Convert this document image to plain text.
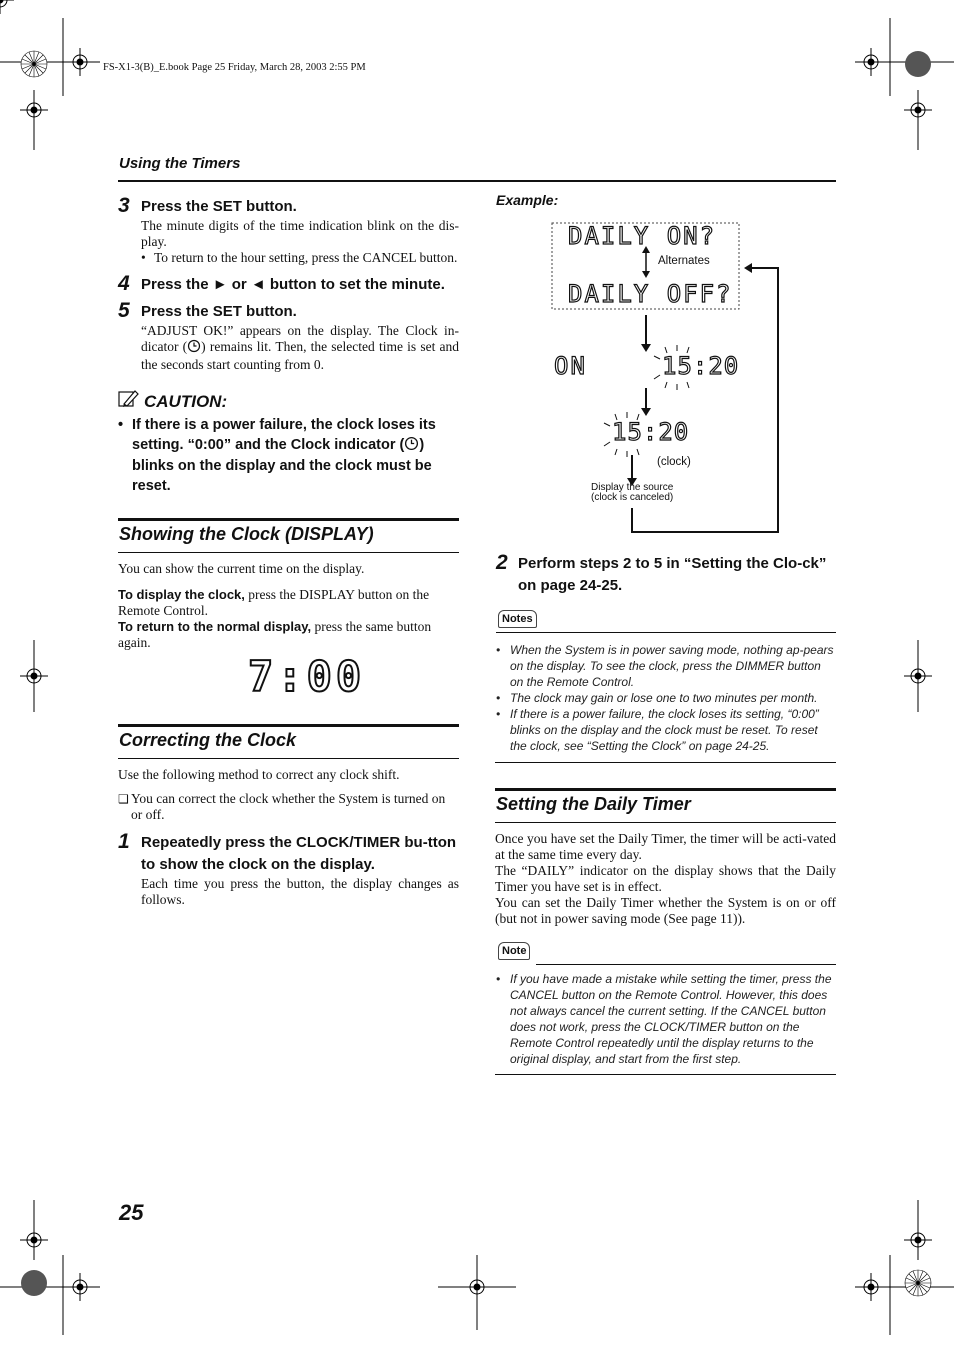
FS-X1-3(B)_E.book Page 25 Friday, March 28, 2003 2:55 PM
Using the Timers
3 Press the SET button.
The minute digits of the time indication blink on the dis-play.
• To return to the hour setting, press the CANCEL button.
4 Press the ► or ◄ button to set the minute.
5 Press the SET button.
“ADJUST OK!” appears on the display. The Clock in-dicator ( ) remains lit. Then, the selected time is set and the seconds start counting from 0.
CAUTION:
• If there is a power failure, the clock loses its setting. “0:00” and the Clock indicator ( ) blinks on the display and the clock must be reset.
Showing the Clock (DISPLAY)
You can show the current time on the display.
To display the clock, press the DISPLAY button on the Remote Control.
To return to the normal display, press the same button again.
7:00
Correcting the Clock
Use the following method to correct any clock shift.
❑ You can correct the clock whether the System is turned on or off.
1 Repeatedly press the CLOCK/TIMER bu-tton to show the clock on the display.
Each time you press the button, the display changes as follows.
Example:
DAILY ON?
Alternates
DAILY OFF?
ON	15:20
15:20
(clock)
Display the source
(clock is canceled)
2 Perform steps 2 to 5 in “Setting the Clo-ck” on page 24-25.
Notes
• When the System is in power saving mode, nothing ap-pears on the display. To see the clock, press the DIMMER button on the Remote Control.
• The clock may gain or lose one to two minutes per month.
• If there is a power failure, the clock loses its setting, “0:00” blinks on the display and the clock must be reset. To reset the clock, see “Setting the Clock” on page 24-25.
Setting the Daily Timer
Once you have set the Daily Timer, the timer will be acti-vated at the same time every day.
The “DAILY” indicator on the display shows that the Daily Timer you have set is in effect.
You can set the Daily Timer whether the System is on or off (but not in power saving mode (See page 11)).
Note
• If you have made a mistake while setting the timer, press the CANCEL button on the Remote Control. However, this does not always cancel the current setting. If the CANCEL button does not work, press the CLOCK/TIMER button on the Remote Control repeatedly until the display returns to the original display, and start from the first step.
25
